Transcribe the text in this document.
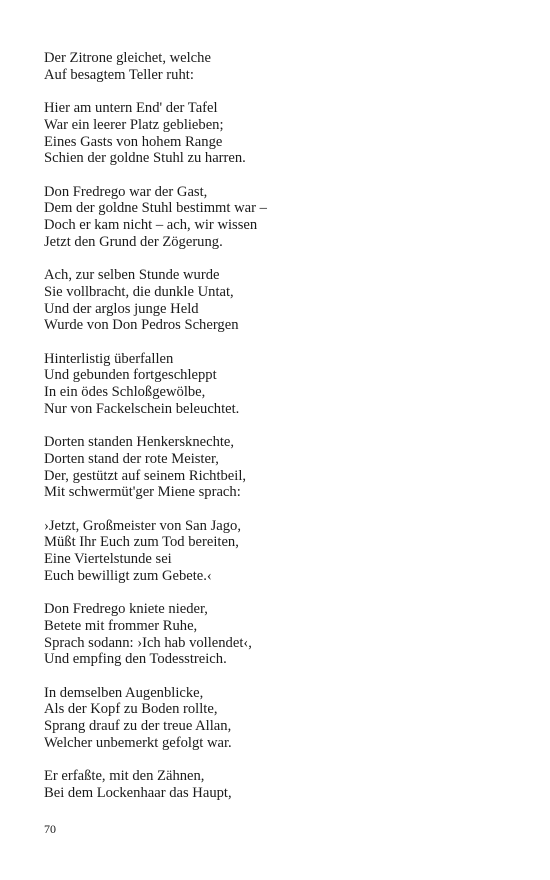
Der Zitrone gleichet, welche
Auf besagtem Teller ruht:
Hier am untern End' der Tafel
War ein leerer Platz geblieben;
Eines Gasts von hohem Range
Schien der goldne Stuhl zu harren.
Don Fredrego war der Gast,
Dem der goldne Stuhl bestimmt war –
Doch er kam nicht – ach, wir wissen
Jetzt den Grund der Zögerung.
Ach, zur selben Stunde wurde
Sie vollbracht, die dunkle Untat,
Und der arglos junge Held
Wurde von Don Pedros Schergen
Hinterlistig überfallen
Und gebunden fortgeschleppt
In ein ödes Schloßgewölbe,
Nur von Fackelschein beleuchtet.
Dorten standen Henkersknechte,
Dorten stand der rote Meister,
Der, gestützt auf seinem Richtbeil,
Mit schwermüt'ger Miene sprach:
›Jetzt, Großmeister von San Jago,
Müßt Ihr Euch zum Tod bereiten,
Eine Viertelstunde sei
Euch bewilligt zum Gebete.‹
Don Fredrego kniete nieder,
Betete mit frommer Ruhe,
Sprach sodann: ›Ich hab vollendet‹,
Und empfing den Todesstreich.
In demselben Augenblicke,
Als der Kopf zu Boden rollte,
Sprang drauf zu der treue Allan,
Welcher unbemerkt gefolgt war.
Er erfaßte, mit den Zähnen,
Bei dem Lockenhaar das Haupt,
70
